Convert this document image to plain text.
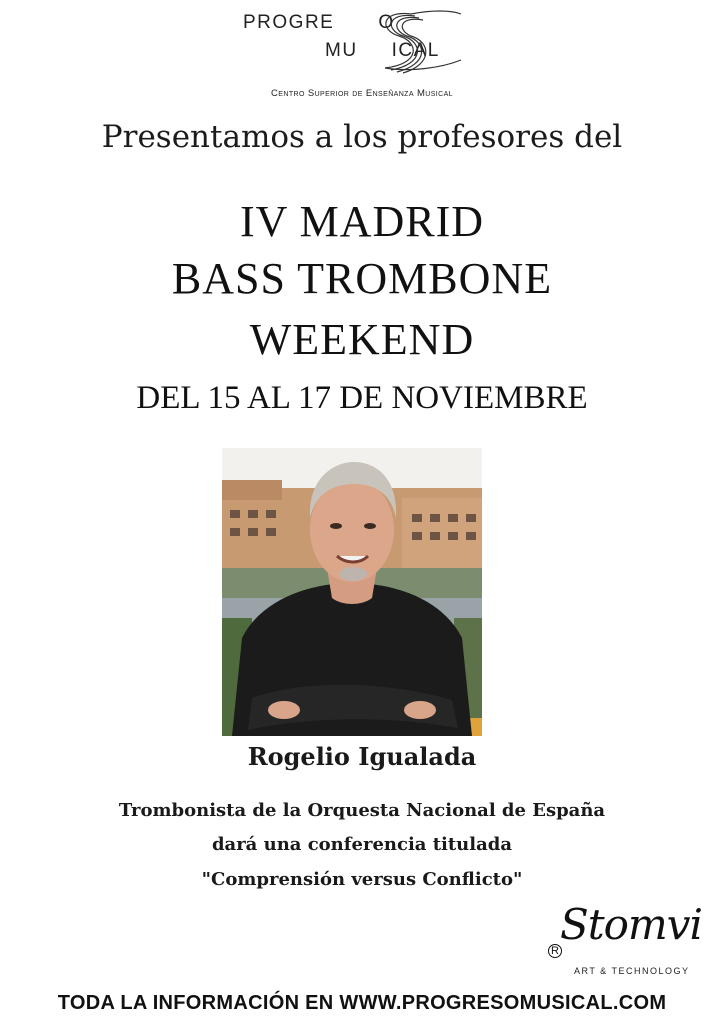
PROGRE O
MU ICAL
Centro Superior de Enseñanza Musical
Presentamos a los profesores del
IV MADRID
BASS TROMBONE
WEEKEND
DEL 15 AL 17 DE NOVIEMBRE
Rogelio Igualada
Trombonista de la Orquesta Nacional de España
dará una conferencia titulada
"Comprensión versus Conflicto"
Stomvi
R
ART & TECHNOLOGY
TODA LA INFORMACIÓN EN WWW.PROGRESOMUSICAL.COM
